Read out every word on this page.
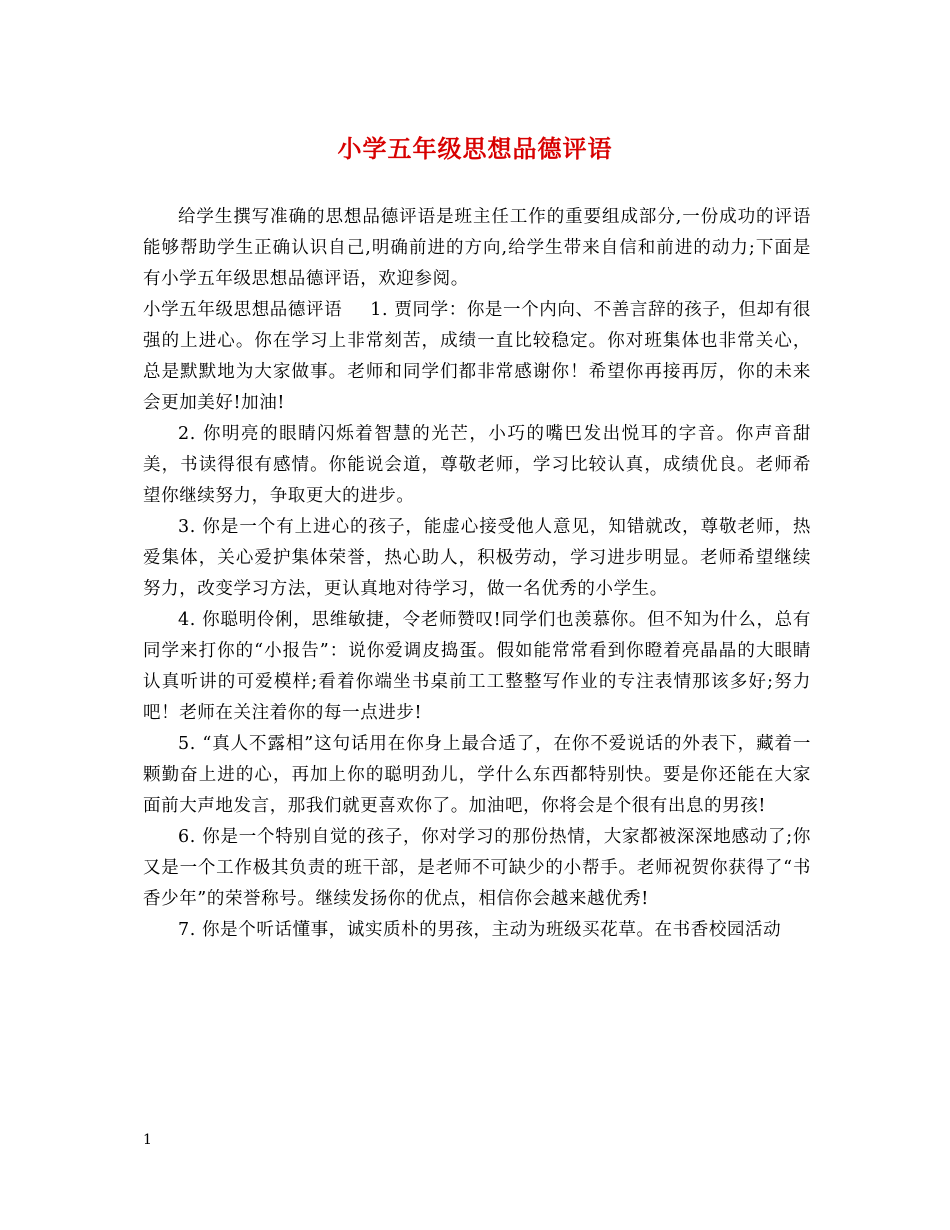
小学五年级思想品德评语

给学生撰写准确的思想品德评语是班主任工作的重要组成部分,一份成功的评语能够帮助学生正确认识自己,明确前进的方向,给学生带来自信和前进的动力;下面是有小学五年级思想品德评语，欢迎参阅。

小学五年级思想品德评语 1. 贾同学：你是一个内向、不善言辞的孩子，但却有很强的上进心。你在学习上非常刻苦，成绩一直比较稳定。你对班集体也非常关心，总是默默地为大家做事。老师和同学们都非常感谢你！希望你再接再厉，你的未来会更加美好!加油!

2. 你明亮的眼睛闪烁着智慧的光芒，小巧的嘴巴发出悦耳的字音。你声音甜美，书读得很有感情。你能说会道，尊敬老师，学习比较认真，成绩优良。老师希望你继续努力，争取更大的进步。

3. 你是一个有上进心的孩子，能虚心接受他人意见，知错就改，尊敬老师，热爱集体，关心爱护集体荣誉，热心助人，积极劳动，学习进步明显。老师希望继续努力，改变学习方法，更认真地对待学习，做一名优秀的小学生。

4. 你聪明伶俐，思维敏捷，令老师赞叹!同学们也羡慕你。但不知为什么，总有同学来打你的“小报告”：说你爱调皮捣蛋。假如能常常看到你瞪着亮晶晶的大眼睛认真听讲的可爱模样;看着你端坐书桌前工工整整写作业的专注表情那该多好;努力吧！老师在关注着你的每一点进步!

5. “真人不露相”这句话用在你身上最合适了，在你不爱说话的外表下，藏着一颗勤奋上进的心，再加上你的聪明劲儿，学什么东西都特别快。要是你还能在大家面前大声地发言，那我们就更喜欢你了。加油吧，你将会是个很有出息的男孩!

6. 你是一个特别自觉的孩子，你对学习的那份热情，大家都被深深地感动了;你又是一个工作极其负责的班干部，是老师不可缺少的小帮手。老师祝贺你获得了“书香少年”的荣誉称号。继续发扬你的优点，相信你会越来越优秀!

7. 你是个听话懂事，诚实质朴的男孩，主动为班级买花草。在书香校园活动

1
